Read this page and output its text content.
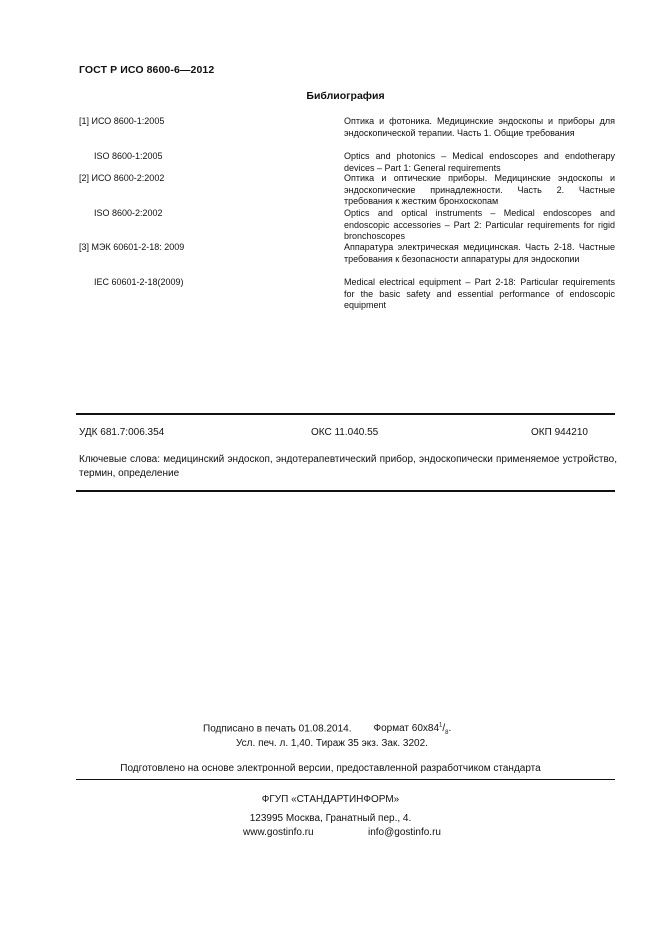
ГОСТ Р ИСО 8600-6—2012
Библиография
[1] ИСО 8600-1:2005	Оптика и фотоника. Медицинские эндоскопы и приборы для эндоскопической терапии. Часть 1. Общие требования
ISO 8600-1:2005	Optics and photonics – Medical endoscopes and endotherapy devices – Part 1: General requirements
[2] ИСО 8600-2:2002	Оптика и оптические приборы. Медицинские эндоскопы и эндоскопические принадлежности. Часть 2. Частные требования к жестким бронхоскопам
ISO 8600-2:2002	Optics and optical instruments – Medical endoscopes and endoscopic accessories – Part 2: Particular requirements for rigid bronchoscopes
[3] МЭК 60601-2-18: 2009	Аппаратура электрическая медицинская. Часть 2-18. Частные требования к безопасности аппаратуры для эндоскопии
IEC 60601-2-18(2009)	Medical electrical equipment – Part 2-18: Particular requirements for the basic safety and essential performance of endoscopic equipment
УДК 681.7:006.354	ОКС 11.040.55	ОКП 944210
Ключевые слова: медицинский эндоскоп, эндотерапевтический прибор, эндоскопически применяемое устройство, термин, определение
Подписано в печать 01.08.2014. Формат $60х84^1/_8$.
Усл. печ. л. 1,40. Тираж 35 экз. Зак. 3202.
Подготовлено на основе электронной версии, предоставленной разработчиком стандарта
ФГУП «СТАНДАРТИНФОРМ»
123995 Москва, Гранатный пер., 4.
www.gostinfo.ru	info@gostinfo.ru
